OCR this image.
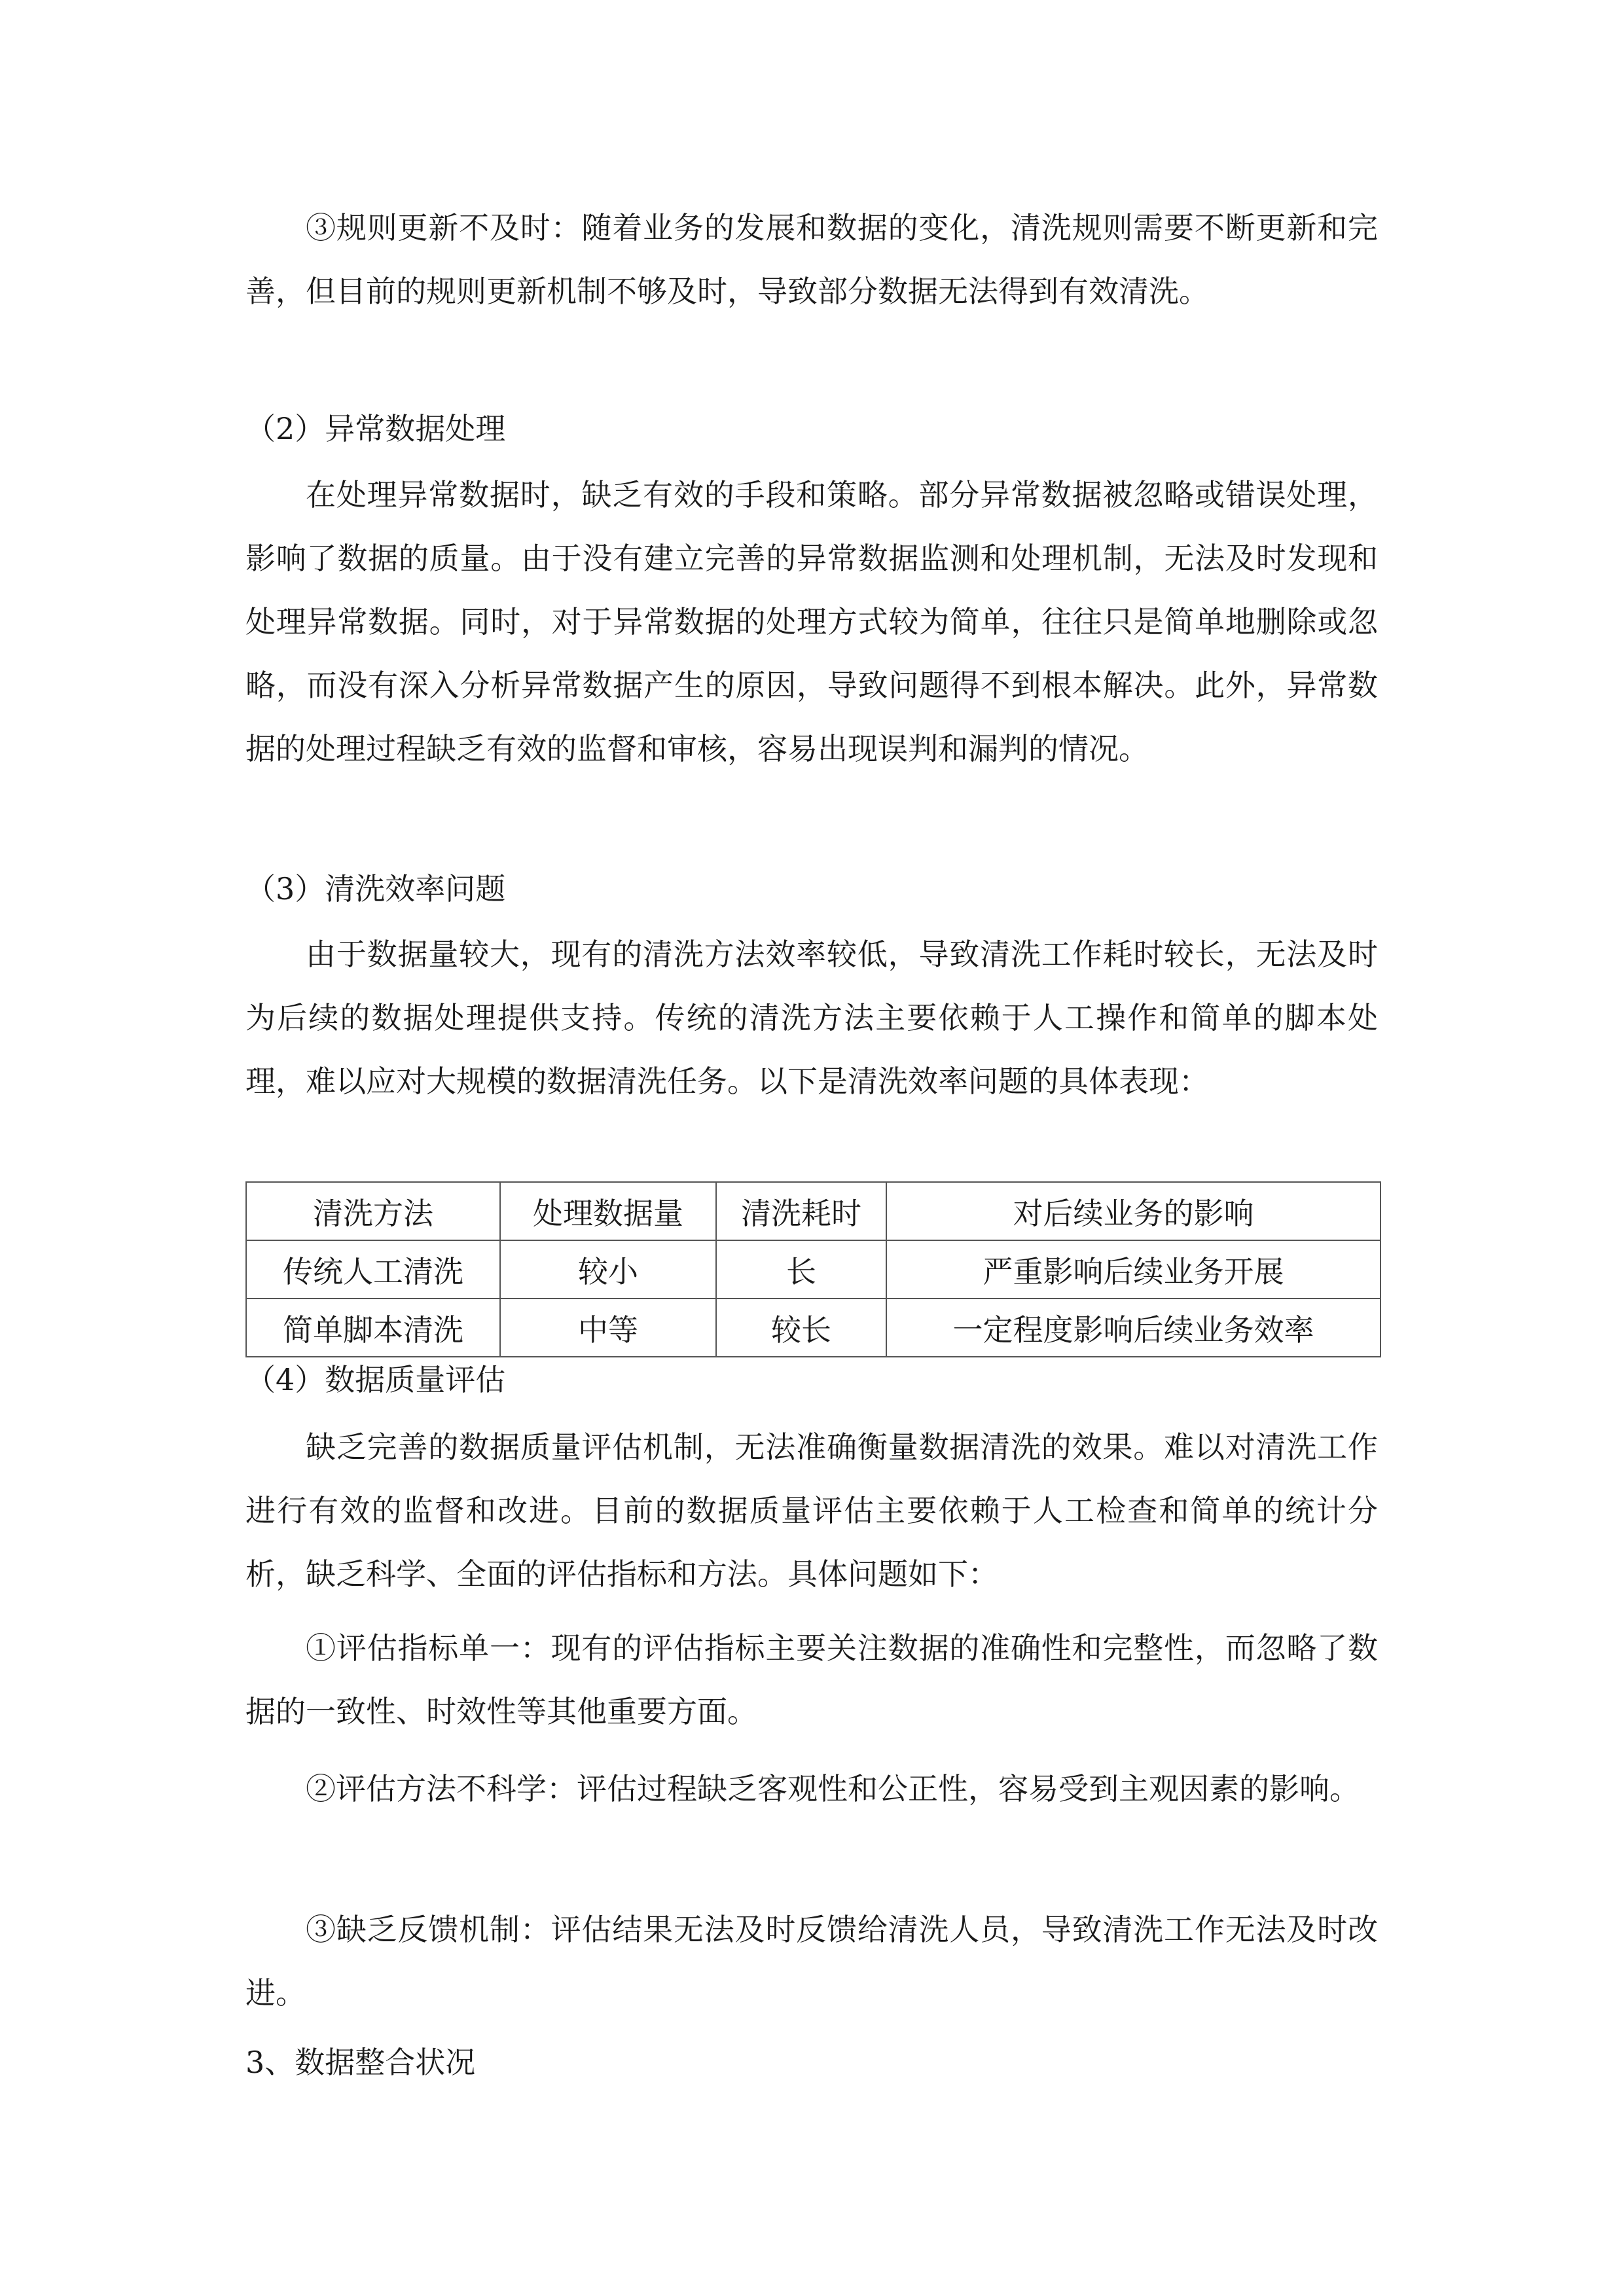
③规则更新不及时：随着业务的发展和数据的变化，清洗规则需要不断更新和完善，但目前的规则更新机制不够及时，导致部分数据无法得到有效清洗。

（2）异常数据处理

在处理异常数据时，缺乏有效的手段和策略。部分异常数据被忽略或错误处理，影响了数据的质量。由于没有建立完善的异常数据监测和处理机制，无法及时发现和处理异常数据。同时，对于异常数据的处理方式较为简单，往往只是简单地删除或忽略，而没有深入分析异常数据产生的原因，导致问题得不到根本解决。此外，异常数据的处理过程缺乏有效的监督和审核，容易出现误判和漏判的情况。

（3）清洗效率问题

由于数据量较大，现有的清洗方法效率较低，导致清洗工作耗时较长，无法及时为后续的数据处理提供支持。传统的清洗方法主要依赖于人工操作和简单的脚本处理，难以应对大规模的数据清洗任务。以下是清洗效率问题的具体表现：

清洗方法	处理数据量	清洗耗时	对后续业务的影响
传统人工清洗	较小	长	严重影响后续业务开展
简单脚本清洗	中等	较长	一定程度影响后续业务效率

（4）数据质量评估

缺乏完善的数据质量评估机制，无法准确衡量数据清洗的效果。难以对清洗工作进行有效的监督和改进。目前的数据质量评估主要依赖于人工检查和简单的统计分析，缺乏科学、全面的评估指标和方法。具体问题如下：

①评估指标单一：现有的评估指标主要关注数据的准确性和完整性，而忽略了数据的一致性、时效性等其他重要方面。

②评估方法不科学：评估过程缺乏客观性和公正性，容易受到主观因素的影响。

③缺乏反馈机制：评估结果无法及时反馈给清洗人员，导致清洗工作无法及时改进。

3、数据整合状况
